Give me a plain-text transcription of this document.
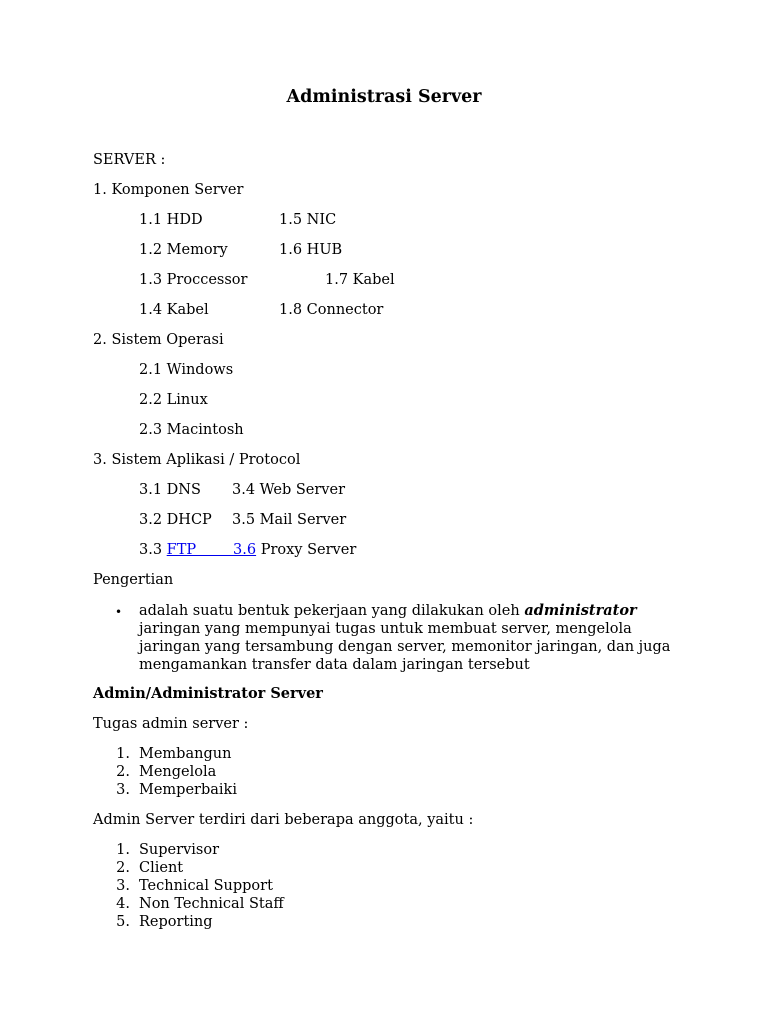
Administrasi Server
SERVER :
1. Komponen Server
1.1 HDD	1.5 NIC
1.2 Memory	1.6 HUB
1.3 Proccessor	1.7 Kabel
1.4 Kabel	1.8 Connector
2. Sistem Operasi
2.1 Windows
2.2 Linux
2.3 Macintosh
3. Sistem Aplikasi / Protocol
3.1 DNS 3.4 Web Server
3.2 DHCP 3.5 Mail Server
3.3 FTP        3.6 Proxy Server
Pengertian
• adalah suatu bentuk pekerjaan yang dilakukan oleh administrator jaringan yang mempunyai tugas untuk membuat server, mengelola jaringan yang tersambung dengan server, memonitor jaringan, dan juga mengamankan transfer data dalam jaringan tersebut
Admin/Administrator Server
Tugas admin server :
1. Membangun
2. Mengelola
3. Memperbaiki
Admin Server terdiri dari beberapa anggota, yaitu :
1. Supervisor
2. Client
3. Technical Support
4. Non Technical Staff
5. Reporting
